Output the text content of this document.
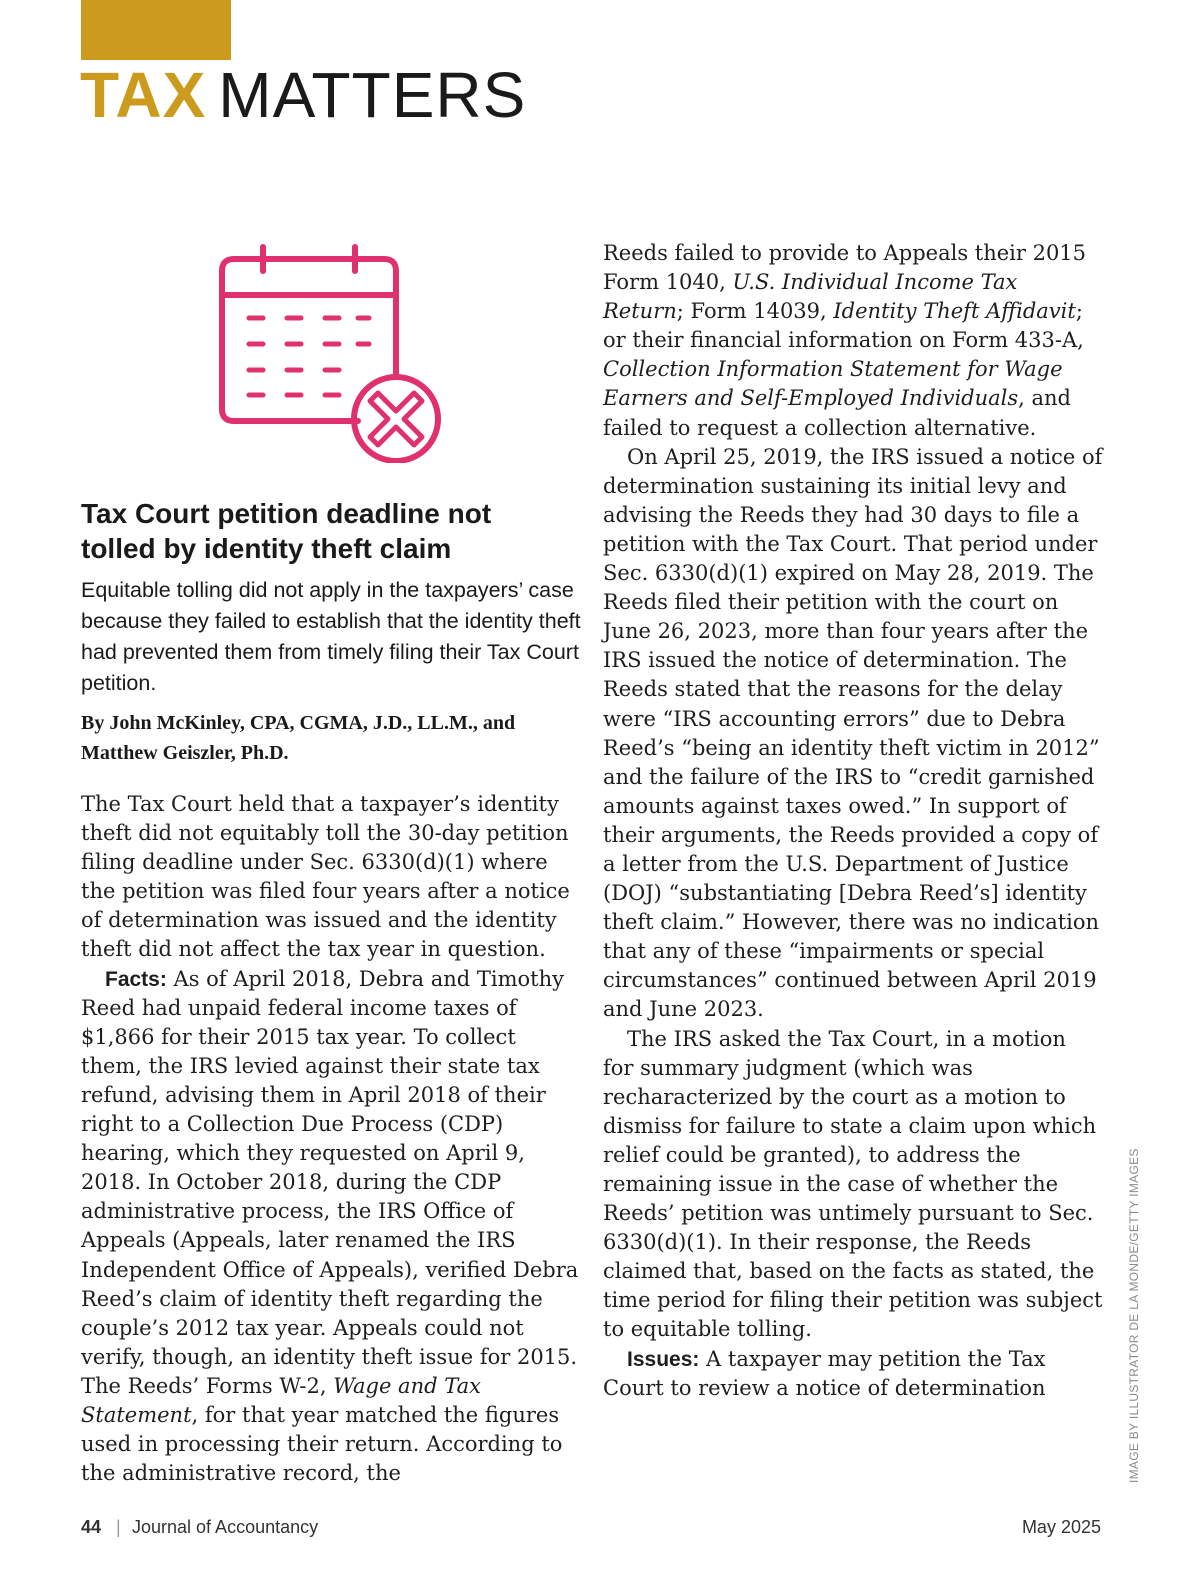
TAX MATTERS
Tax Court petition deadline not tolled by identity theft claim

Equitable tolling did not apply in the taxpayers’ case because they failed to establish that the identity theft had prevented them from timely filing their Tax Court petition.

By John McKinley, CPA, CGMA, J.D., LL.M., and Matthew Geiszler, Ph.D.

The Tax Court held that a taxpayer’s identity theft did not equitably toll the 30-day petition filing deadline under Sec. 6330(d)(1) where the petition was filed four years after a notice of determination was issued and the identity theft did not affect the tax year in question.

Facts: As of April 2018, Debra and Timothy Reed had unpaid federal income taxes of $1,866 for their 2015 tax year. To collect them, the IRS levied against their state tax refund, advising them in April 2018 of their right to a Collection Due Process (CDP) hearing, which they requested on April 9, 2018. In October 2018, during the CDP administrative process, the IRS Office of Appeals (Appeals, later renamed the IRS Independent Office of Appeals), verified Debra Reed’s claim of identity theft regarding the couple’s 2012 tax year. Appeals could not verify, though, an identity theft issue for 2015. The Reeds’ Forms W-2, Wage and Tax Statement, for that year matched the figures used in processing their return. According to the administrative record, the

Reeds failed to provide to Appeals their 2015 Form 1040, U.S. Individual Income Tax Return; Form 14039, Identity Theft Affidavit; or their financial information on Form 433-A, Collection Information Statement for Wage Earners and Self-Employed Individuals, and failed to request a collection alternative.

On April 25, 2019, the IRS issued a notice of determination sustaining its initial levy and advising the Reeds they had 30 days to file a petition with the Tax Court. That period under Sec. 6330(d)(1) expired on May 28, 2019. The Reeds filed their petition with the court on June 26, 2023, more than four years after the IRS issued the notice of determination. The Reeds stated that the reasons for the delay were “IRS accounting errors” due to Debra Reed’s “being an identity theft victim in 2012” and the failure of the IRS to “credit garnished amounts against taxes owed.” In support of their arguments, the Reeds provided a copy of a letter from the U.S. Department of Justice (DOJ) “substantiating [Debra Reed’s] identity theft claim.” However, there was no indication that any of these “impairments or special circumstances” continued between April 2019 and June 2023.

The IRS asked the Tax Court, in a motion for summary judgment (which was recharacterized by the court as a motion to dismiss for failure to state a claim upon which relief could be granted), to address the remaining issue in the case of whether the Reeds’ petition was untimely pursuant to Sec. 6330(d)(1). In their response, the Reeds claimed that, based on the facts as stated, the time period for filing their petition was subject to equitable tolling.

Issues: A taxpayer may petition the Tax Court to review a notice of determination	IMAGE BY ILLUSTRATOR DE LA MONDE/GETTY IMAGES
44 | Journal of Accountancy	May 2025
